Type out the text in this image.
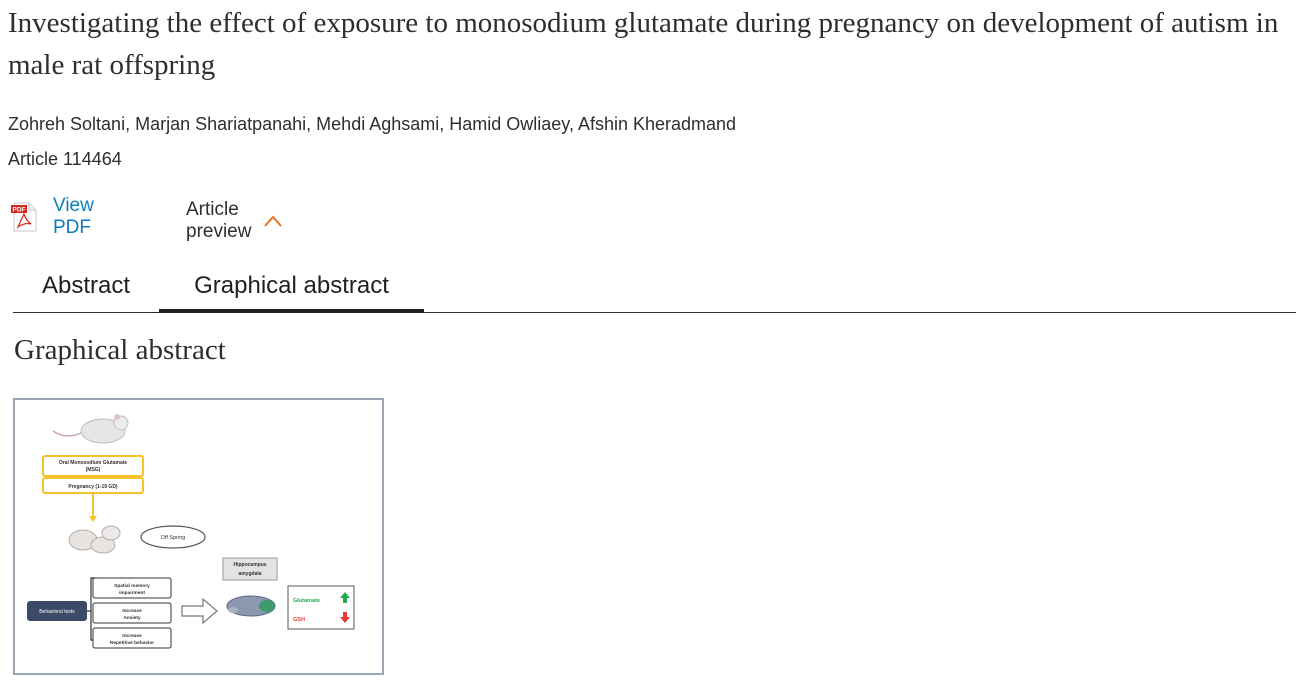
Investigating the effect of exposure to monosodium glutamate during pregnancy on development of autism in male rat offspring
Zohreh Soltani, Marjan Shariatpanahi, Mehdi Aghsami, Hamid Owliaey, Afshin Kheradmand
Article 114464
PDF View PDF
Article preview
Abstract	Graphical abstract
Graphical abstract
Oral Monosodium Glutamate
(MSG)
Pregnancy (1-19 GD)
Off Spring
Hippocampus
amygdala
Behavioral tests
Spatial memory
impairment
Increase
Anxiety
Increase
Repetitive behavior
Glutamate
GSH
